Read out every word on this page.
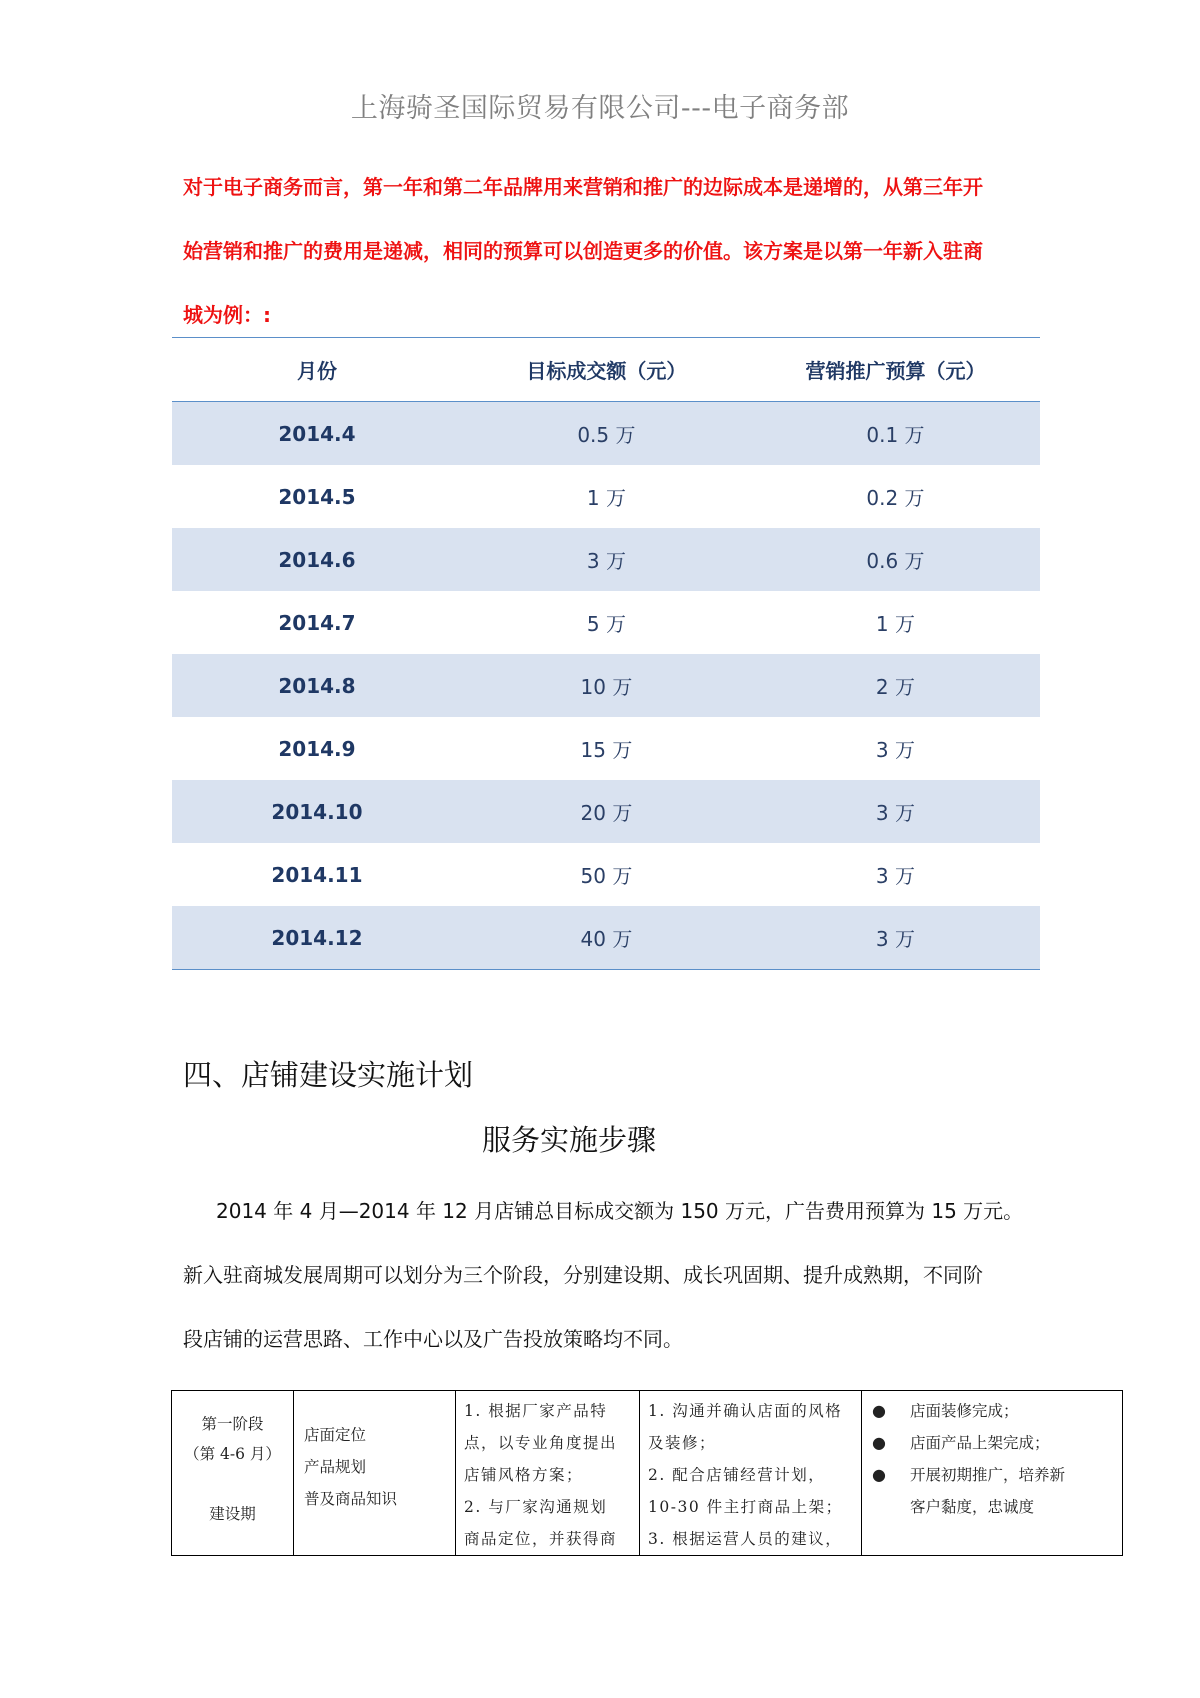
上海骑圣国际贸易有限公司---电子商务部

对于电子商务而言，第一年和第二年品牌用来营销和推广的边际成本是递增的，从第三年开

始营销和推广的费用是递减，相同的预算可以创造更多的价值。该方案是以第一年新入驻商

城为例：:

月份	目标成交额（元）	营销推广预算（元）
2014.4	0.5 万	0.1 万
2014.5	1 万	0.2 万
2014.6	3 万	0.6 万
2014.7	5 万	1 万
2014.8	10 万	2 万
2014.9	15 万	3 万
2014.10	20 万	3 万
2014.11	50 万	3 万
2014.12	40 万	3 万
四、店铺建设实施计划
服务实施步骤

2014 年 4 月—2014 年 12 月店铺总目标成交额为 150 万元，广告费用预算为 15 万元。

新入驻商城发展周期可以划分为三个阶段，分别建设期、成长巩固期、提升成熟期，不同阶

段店铺的运营思路、工作中心以及广告投放策略均不同。

第一阶段
（第 4-6 月）
建设期

店面定位
产品规划
普及商品知识

1. 根据厂家产品特
点，以专业角度提出
店铺风格方案；
2. 与厂家沟通规划
商品定位，并获得商

1. 沟通并确认店面的风格
及装修；
2. 配合店铺经营计划，
10-30 件主打商品上架；
3. 根据运营人员的建议，

●	店面装修完成；
●	店面产品上架完成；
●	开展初期推广，培养新
客户黏度，忠诚度
